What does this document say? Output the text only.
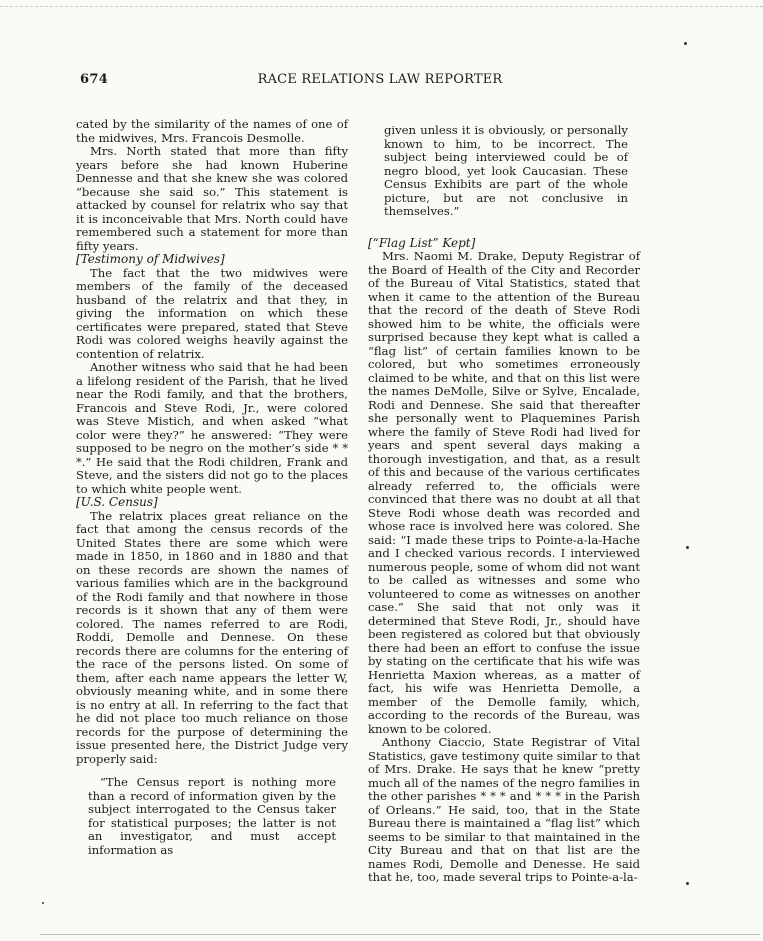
674	RACE RELATIONS LAW REPORTER

cated by the similarity of the names of one of the midwives, Mrs. Francois Desmolle.

Mrs. North stated that more than fifty years before she had known Huberine Dennesse and that she knew she was colored “because she said so.” This statement is attacked by counsel for relatrix who say that it is inconceivable that Mrs. North could have remembered such a statement for more than fifty years.

[Testimony of Midwives]

The fact that the two midwives were members of the family of the deceased husband of the relatrix and that they, in giving the information on which these certificates were prepared, stated that Steve Rodi was colored weighs heavily against the contention of relatrix.

Another witness who said that he had been a lifelong resident of the Parish, that he lived near the Rodi family, and that the brothers, Francois and Steve Rodi, Jr., were colored was Steve Mistich, and when asked “what color were they?” he answered: “They were supposed to be negro on the mother’s side * * *.” He said that the Rodi children, Frank and Steve, and the sisters did not go to the places to which white people went.

[U.S. Census]

The relatrix places great reliance on the fact that among the census records of the United States there are some which were made in 1850, in 1860 and in 1880 and that on these records are shown the names of various families which are in the background of the Rodi family and that nowhere in those records is it shown that any of them were colored. The names referred to are Rodi, Roddi, Demolle and Dennese. On these records there are columns for the entering of the race of the persons listed. On some of them, after each name appears the letter W, obviously meaning white, and in some there is no entry at all. In referring to the fact that he did not place too much reliance on those records for the purpose of determining the issue presented here, the District Judge very properly said:

“The Census report is nothing more than a record of information given by the subject interrogated to the Census taker for statistical purposes; the latter is not an investigator, and must accept information as

given unless it is obviously, or personally known to him, to be incorrect. The subject being interviewed could be of negro blood, yet look Caucasian. These Census Exhibits are part of the whole picture, but are not conclusive in themselves.”

[“Flag List” Kept]

Mrs. Naomi M. Drake, Deputy Registrar of the Board of Health of the City and Recorder of the Bureau of Vital Statistics, stated that when it came to the attention of the Bureau that the record of the death of Steve Rodi showed him to be white, the officials were surprised because they kept what is called a “flag list” of certain families known to be colored, but who sometimes erroneously claimed to be white, and that on this list were the names DeMolle, Silve or Sylve, Encalade, Rodi and Dennese. She said that thereafter she personally went to Plaquemines Parish where the family of Steve Rodi had lived for years and spent several days making a thorough investigation, and that, as a result of this and because of the various certificates already referred to, the officials were convinced that there was no doubt at all that Steve Rodi whose death was recorded and whose race is involved here was colored. She said: “I made these trips to Pointe-a-la-Hache and I checked various records. I interviewed numerous people, some of whom did not want to be called as witnesses and some who volunteered to come as witnesses on another case.” She said that not only was it determined that Steve Rodi, Jr., should have been registered as colored but that obviously there had been an effort to confuse the issue by stating on the certificate that his wife was Henrietta Maxion whereas, as a matter of fact, his wife was Henrietta Demolle, a member of the Demolle family, which, according to the records of the Bureau, was known to be colored.

Anthony Ciaccio, State Registrar of Vital Statistics, gave testimony quite similar to that of Mrs. Drake. He says that he knew “pretty much all of the names of the negro families in the other parishes * * * and * * * in the Parish of Orleans.” He said, too, that in the State Bureau there is maintained a “flag list” which seems to be similar to that maintained in the City Bureau and that on that list are the names Rodi, Demolle and Denesse. He said that he, too, made several trips to Pointe-a-la-
